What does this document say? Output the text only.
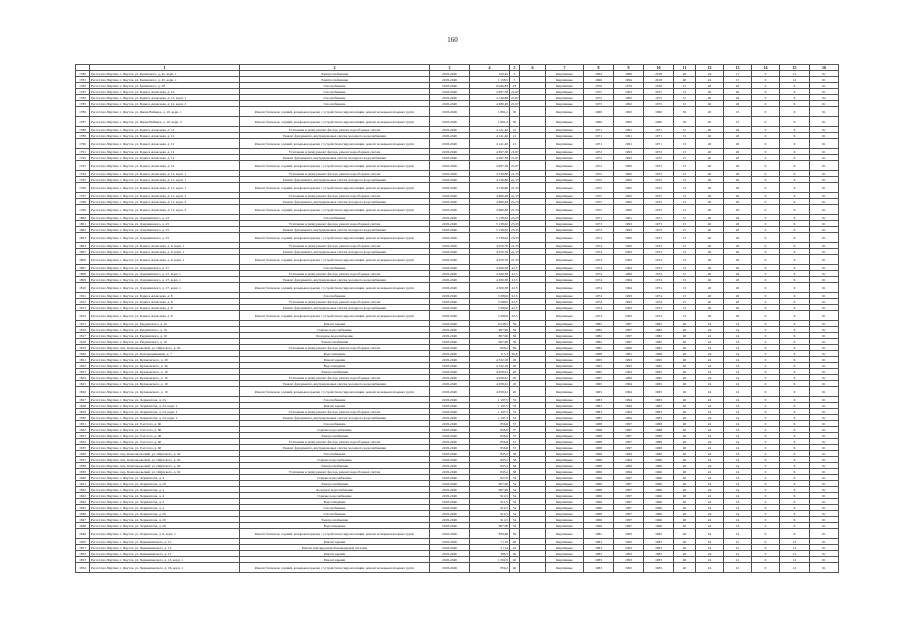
160
	1	2	3	4	5	6	7	8	9	10	11	12	13	14	15	16
1780	Респ.Саха /Якутия/, г. Якутск, ул. Белинского, д. 45, корп. 1	Электроснабжение	2018-2046	320,45	5		Кирпичные	1964	1989	2018	40	24	17	0	12	61
1781	Респ.Саха /Якутия/, г. Якутск, ул. Белинского, д. 45, корп. 1	Электроснабжение	2018-2046	1 158,5	5		Кирпичные	1996	1994	2018	40	24	17	0	12	61
1782	Респ.Саха /Якутия/, г. Якутск, ул. Белинского, д. 58	Газоснабжение	2018-2046	6 046,84	23		Кирпичные	1979	1979	1976	15	40	26	0	6	61
1783	Респ.Саха /Якутия/, г. Якутск, ул. Бориса Алексеева, д. 10	Газоснабжение	2018-2046	4 097,38	21,67		Кирпичные	1975	1963	1975	15	40	26	0	6	61
1784	Респ.Саха /Якутия/, г. Якутск, ул. Бориса Алексеева, д. 12, корп. 1	Газоснабжение	2018-2046	4 746,86	21,67		Кирпичные	1972	1992	1972	15	40	26	0	6	62
1785	Респ.Саха /Якутия/, г. Якутск, ул. Бориса Алексеева, д. 12, корп. 2	Газоснабжение	2018-2046	4 680,48	21,67		Кирпичные	1975	1992	1975	15	40	26	0	6	61
1786	Респ.Саха /Якутия/, г. Якутск, ул. Якова Вайнера, д. 10, корп. 1	Ремонт балконов, лоджий, козырьков крылец с устройством гидроизоляции, ремонт козырьков входных групп	2018-2046	1 891,2	30		Кирпичные	1969	1993	1990	50	20	15	0	6	91
1787	Респ.Саха /Якутия/, г. Якутск, ул. Якова Вайнера, д. 10, корп. 2	Ремонт балконов, лоджий, козырьков крылец с устройством гидроизоляции, ремонт козырьков входных групп	2018-2046	1 891,2	30		Кирпичные	1969	1993	1990	50	20	15	0	6	91
1788	Респ.Саха /Якутия/, г. Якутск, ул. Бориса Алексеева, д. 12	Утепление и (или) ремонт фасада, ремонт водосборных систем	2018-2046	4 141,46	21		Кирпичные	1971	1991	1971	15	40	26	0	6	61
1789	Респ.Саха /Якутия/, г. Якутск, ул. Бориса Алексеева, д. 12	Ремонт фундамента, внутридомовых систем холодного водоснабжения	2018-2046	4 141,46	21		Кирпичные	1971	1991	1971	15	40	26	0	6	61
1790	Респ.Саха /Якутия/, г. Якутск, ул. Бориса Алексеева, д. 12	Ремонт балконов, лоджий, козырьков крылец с устройством гидроизоляции, ремонт козырьков входных групп	2018-2046	4 141,46	21		Кирпичные	1971	1991	1971	15	40	26	0	6	61
1791	Респ.Саха /Якутия/, г. Якутск, ул. Бориса Алексеева, д. 14	Утепление и (или) ремонт фасада, ремонт водосборных систем	2018-2046	4 097,38	21,67		Кирпичные	1972	1993	1972	15	40	26	0	6	61
1792	Респ.Саха /Якутия/, г. Якутск, ул. Бориса Алексеева, д. 14	Ремонт фундамента, внутридомовых систем холодного водоснабжения	2018-2046	4 097,38	21,67		Кирпичные	1972	1993	1972	15	40	26	0	6	61
1793	Респ.Саха /Якутия/, г. Якутск, ул. Бориса Алексеева, д. 14	Ремонт балконов, лоджий, козырьков крылец с устройством гидроизоляции, ремонт козырьков входных групп	2018-2046	4 097,38	21,67		Кирпичные	1972	1993	1972	15	40	26	0	6	61
1794	Респ.Саха /Якутия/, г. Якутск, ул. Бориса Алексеева, д. 12, корп. 1	Утепление и (или) ремонт фасада, ремонт водосборных систем	2018-2046	4 746,86	21,33		Кирпичные	1972	1992	1972	15	40	26	0	6	61
1795	Респ.Саха /Якутия/, г. Якутск, ул. Бориса Алексеева, д. 12, корп. 1	Ремонт фундамента, внутридомовых систем холодного водоснабжения	2018-2046	4 746,86	21,33		Кирпичные	1972	1992	1972	15	40	26	0	6	61
1796	Респ.Саха /Якутия/, г. Якутск, ул. Бориса Алексеева, д. 12, корп. 1	Ремонт балконов, лоджий, козырьков крылец с устройством гидроизоляции, ремонт козырьков входных групп	2018-2046	4 746,86	21,33		Кирпичные	1972	1992	1972	15	40	26	0	6	61
1797	Респ.Саха /Якутия/, г. Якутск, ул. Бориса Алексеева, д. 12, корп. 2	Утепление и (или) ремонт фасада, ремонт водосборных систем	2018-2046	4 680,48	21,33		Кирпичные	1975	1992	1975	15	40	26	0	6	61
1798	Респ.Саха /Якутия/, г. Якутск, ул. Бориса Алексеева, д. 12, корп. 2	Ремонт фундамента, внутридомовых систем холодного водоснабжения	2018-2046	4 680,48	21,33		Кирпичные	1975	1992	1975	15	40	26	0	6	61
1799	Респ.Саха /Якутия/, г. Якутск, ул. Бориса Алексеева, д. 12, корп. 2	Ремонт балконов, лоджий, козырьков крылец с устройством гидроизоляции, ремонт козырьков входных групп	2018-2046	4 680,48	21,33		Кирпичные	1975	1992	1975	15	40	26	0	6	61
1800	Респ.Саха /Якутия/, г. Якутск, ул. Дзержинского, д. 23	Газоснабжение	2018-2046	5 138,02	23,33		Кирпичные	1971	1961	1971	15	40	26	0	6	61
1801	Респ.Саха /Якутия/, г. Якутск, ул. Дзержинского, д. 25	Утепление и (или) ремонт фасада, ремонт водосборных систем	2018-2046	5 138,02	23,33		Кирпичные	1973	1993	1973	15	40	26	0	6	61
1802	Респ.Саха /Якутия/, г. Якутск, ул. Дзержинского, д. 25	Ремонт фундамента, внутридомовых систем холодного водоснабжения	2018-2046	5 138,02	23,33		Кирпичные	1973	1993	1973	15	40	26	0	6	61
1803	Респ.Саха /Якутия/, г. Якутск, ул. Дзержинского, д. 25	Ремонт балконов, лоджий, козырьков крылец с устройством гидроизоляции, ремонт козырьков входных групп	2018-2046	5 138,02	23,33		Кирпичные	1973	1993	1973	15	40	26	0	6	61
1804	Респ.Саха /Якутия/, г. Якутск, ул. Бориса Алексеева, д. 6, корп. 1	Утепление и (или) ремонт фасада, ремонт водосборных систем	2018-2046	4 076,76	21,33		Кирпичные	1974	1993	1974	15	40	26	0	6	61
1805	Респ.Саха /Якутия/, г. Якутск, ул. Бориса Алексеева, д. 6, корп. 1	Ремонт фундамента, внутридомовых систем холодного водоснабжения	2018-2046	4 076,76	21,33		Кирпичные	1974	1993	1974	15	40	26	0	6	61
1806	Респ.Саха /Якутия/, г. Якутск, ул. Бориса Алексеева, д. 6, корп. 1	Ремонт балконов, лоджий, козырьков крылец с устройством гидроизоляции, ремонт козырьков входных групп	2018-2046	4 076,76	21,33		Кирпичные	1974	1993	1974	15	40	26	0	6	61
1807	Респ.Саха /Якутия/, г. Якутск, ул. Дзержинского, д. 27	Газоснабжение	2018-2046	4 309,58	22,5		Кирпичные	1974	1994	1974	15	40	26	0	6	61
1808	Респ.Саха /Якутия/, г. Якутск, ул. Дзержинского, д. 27, корп. 1	Утепление и (или) ремонт фасада, ремонт водосборных систем	2018-2046	4 309,58	22,5		Кирпичные	1974	1994	1974	15	40	26	0	6	61
1809	Респ.Саха /Якутия/, г. Якутск, ул. Дзержинского, д. 27, корп. 1	Ремонт фундамента, внутридомовых систем холодного водоснабжения	2018-2046	4 309,58	22,5		Кирпичные	1974	1994	1974	15	40	26	0	6	61
1810	Респ.Саха /Якутия/, г. Якутск, ул. Дзержинского, д. 27, корп. 1	Ремонт балконов, лоджий, козырьков крылец с устройством гидроизоляции, ремонт козырьков входных групп	2018-2046	4 309,58	22,5		Кирпичные	1974	1994	1974	15	40	26	0	6	61
1811	Респ.Саха /Якутия/, г. Якутск, ул. Бориса Алексеева, д. 8	Газоснабжение	2018-2046	3 289,6	22,5		Кирпичные	1974	1993	1974	15	40	26	0	6	61
1812	Респ.Саха /Якутия/, г. Якутск, ул. Бориса Алексеева, д. 8	Утепление и (или) ремонт фасада, ремонт водосборных систем	2018-2046	3 289,6	22,5		Кирпичные	1974	1993	1974	15	40	26	0	6	61
1813	Респ.Саха /Якутия/, г. Якутск, ул. Бориса Алексеева, д. 8	Ремонт фундамента, внутридомовых систем холодного водоснабжения	2018-2046	3 289,6	22,5		Кирпичные	1974	1993	1974	15	40	26	0	6	61
1814	Респ.Саха /Якутия/, г. Якутск, ул. Бориса Алексеева, д. 8	Ремонт балконов, лоджий, козырьков крылец с устройством гидроизоляции, ремонт козырьков входных групп	2018-2046	3 289,6	22,5		Кирпичные	1974	1993	1974	15	40	26	0	6	61
1815	Респ.Саха /Якутия/, г. Якутск, ул. Рыдзинского, д. 10	Ремонт крыши	2018-2046	6 028,5	56		Кирпичные	1982	1997	1982	40	24	14	0	6	61
1816	Респ.Саха /Якутия/, г. Якутск, ул. Рыдзинского, д. 10	Горячее водоснабжение	2018-2046	967,06	56		Кирпичные	1982	1997	1982	40	24	14	0	6	61
1817	Респ.Саха /Якутия/, г. Якутск, ул. Рыдзинского, д. 10	Холодное водоснабжение	2018-2046	867,06	56		Кирпичные	1982	1997	1982	40	24	14	0	6	61
1818	Респ.Саха /Якутия/, г. Якутск, ул. Рыдзинского, д. 10	Электроснабжение	2018-2046	967,06	56		Кирпичные	1982	1997	1982	40	24	14	0	6	61
1819	Респ.Саха /Якутия/, пер. Комсомольский, ул. Ойунского, д. 62	Утепление и (или) ремонт фасада, ремонт водосборных систем	2018-2046	826,2	69		Кирпичные	1982	2006	1982	40	24	14	0	6	61
1820	Респ.Саха /Якутия/, г. Якутск, ул. Каландаришвили, д. 7	Водоотведение	2018-2046	115,3	56,8		Кирпичные	1968	1981	1968	40	24	14	0	6	61
1821	Респ.Саха /Якутия/, г. Якутск, ул. Кулаковского, д. 29	Ремонт крыши	2018-2046	4 532,18	20		Кирпичные	1965	1993	1965	40	24	14	0	6	61
1822	Респ.Саха /Якутия/, г. Якутск, ул. Кулаковского, д. 30	Водоотведение	2018-2046	4 532,18	20		Кирпичные	1965	1993	1965	40	24	14	0	6	61
1823	Респ.Саха /Якутия/, г. Якутск, ул. Кулаковского, д. 10	Электроснабжение	2018-2046	4 058,61	20		Кирпичные	1965	1994	1965	40	24	14	0	6	61
1824	Респ.Саха /Якутия/, г. Якутск, ул. Кулаковского, д. 10	Утепление и (или) ремонт фасада, ремонт водосборных систем	2018-2046	4 058,61	20		Кирпичные	1965	1994	1965	40	24	14	0	6	61
1825	Респ.Саха /Якутия/, г. Якутск, ул. Кулаковского, д. 10	Ремонт фундамента, внутридомовых систем холодного водоснабжения	2018-2046	4 058,61	20		Кирпичные	1965	1994	1965	40	24	14	0	6	61
1826	Респ.Саха /Якутия/, г. Якутск, ул. Кулаковского, д. 10	Ремонт балконов, лоджий, козырьков крылец с устройством гидроизоляции, ремонт козырьков входных групп	2018-2046	4 058,61	20		Кирпичные	1965	1994	1965	40	24	14	0	6	61
1827	Респ.Саха /Якутия/, г. Якутск, ул. Лермонтова, д. 24	Газоснабжение	2018-2046	1 197,5	53		Кирпичные	1983	1994	1983	40	24	14	0	6	61
1828	Респ.Саха /Якутия/, г. Якутск, ул. Лермонтова, д. 24, корп. 1	Ремонт крыши	2018-2046	1 197,5	53		Кирпичные	1983	1994	1983	40	24	14	0	6	61
1829	Респ.Саха /Якутия/, г. Якутск, ул. Лермонтова, д. 24, корп. 1	Утепление и (или) ремонт фасада, ремонт водосборных систем	2018-2046	1 197,5	53		Кирпичные	1983	1994	1983	40	24	14	0	6	61
1830	Респ.Саха /Якутия/, г. Якутск, ул. Лермонтова, д. 24, корп. 1	Ремонт фундамента, внутридомовых систем холодного водоснабжения	2018-2046	1 197,5	53		Кирпичные	1983	1994	1983	40	24	14	0	6	61
1831	Респ.Саха /Якутия/, г. Якутск, ул. Толстого, д. 60	Газоснабжение	2018-2046	856,6	57		Кирпичные	1968	1997	1968	40	24	14	0	6	61
1832	Респ.Саха /Якутия/, г. Якутск, ул. Толстого, д. 60	Горячее водоснабжение	2018-2046	856,6	57		Кирпичные	1968	1997	1968	40	24	14	0	6	61
1833	Респ.Саха /Якутия/, г. Якутск, ул. Толстого, д. 60	Электроснабжение	2018-2046	856,6	57		Кирпичные	1968	1997	1968	40	24	14	0	6	61
1834	Респ.Саха /Якутия/, г. Якутск, ул. Толстого, д. 60	Утепление и (или) ремонт фасада, ремонт водосборных систем	2018-2046	856,6	57		Кирпичные	1968	1997	1968	40	24	14	0	6	61
1835	Респ.Саха /Якутия/, г. Якутск, ул. Толстого, д. 60	Ремонт фундамента, внутридомовых систем холодного водоснабжения	2018-2046	856,6	57		Кирпичные	1968	1997	1968	40	24	14	0	6	61
1836	Респ.Саха /Якутия/, пер. Комсомольский, ул. Ойунского, д. 62	Газоснабжение	2018-2046	845,2	58		Кирпичные	1966	1994	1966	40	24	14	0	6	61
1837	Респ.Саха /Якутия/, пер. Комсомольский, ул. Ойунского, д. 62	Горячее водоснабжение	2018-2046	845,2	58		Кирпичные	1966	1994	1966	40	24	14	0	6	61
1838	Респ.Саха /Якутия/, пер. Комсомольский, ул. Ойунского, д. 62	Электроснабжение	2018-2046	845,2	58		Кирпичные	1966	1994	1966	40	24	14	0	6	61
1839	Респ.Саха /Якутия/, пер. Комсомольский, ул. Ойунского, д. 62	Утепление и (или) ремонт фасада, ремонт водосборных систем	2018-2046	845,2	58		Кирпичные	1966	1994	1966	40	24	14	0	6	61
1840	Респ.Саха /Якутия/, г. Якутск, ул. Лермонтова, д. 4	Горячее водоснабжение	2018-2046	827,6	54		Кирпичные	1966	1997	1966	40	24	14	0	6	61
1841	Респ.Саха /Якутия/, г. Якутск, ул. Лермонтова, д. 29	Электроснабжение	2018-2046	967,06	54		Кирпичные	1966	1997	1966	40	24	14	0	6	61
1842	Респ.Саха /Якутия/, г. Якутск, ул. Лермонтова, д. 4	Холодное водоснабжение	2018-2046	967,06	54		Кирпичные	1966	1997	1966	40	24	14	0	6	61
1843	Респ.Саха /Якутия/, г. Якутск, ул. Лермонтова, д. 4	Горячее водоснабжение	2018-2046	912,5	54		Кирпичные	1966	1997	1966	40	24	14	0	6	61
1844	Респ.Саха /Якутия/, г. Якутск, ул. Лермонтова, д. 4	Водоотведение	2018-2046	912,5	54		Кирпичные	1966	1997	1966	40	24	14	0	6	61
1845	Респ.Саха /Якутия/, г. Якутск, ул. Лермонтова, д. 4	Газоснабжение	2018-2046	912,5	54		Кирпичные	1966	1997	1966	40	24	14	0	6	61
1846	Респ.Саха /Якутия/, г. Якутск, ул. Лермонтова, д. 29	Газоснабжение	2018-2046	912,5	54		Кирпичные	1966	1997	1966	40	24	14	0	6	61
1847	Респ.Саха /Якутия/, г. Якутск, ул. Лермонтова, д. 29	Электроснабжение	2018-2046	912,5	54		Кирпичные	1966	1997	1966	40	24	14	0	6	61
1848	Респ.Саха /Якутия/, г. Якутск, ул. Лермонтова, д. 29	Водоотведение	2018-2046	967,06	54		Кирпичные	1966	1997	1966	40	24	14	0	6	61
1849	Респ.Саха /Якутия/, г. Якутск, ул. Лермонтова, д. 6, корп. 1	Ремонт балконов, лоджий, козырьков крылец с устройством гидроизоляции, ремонт козырьков входных групп	2018-2046	856,68	56		Кирпичные	1982	1983	1982	40	24	14	0	6	61
1850	Респ.Саха /Якутия/, г. Якутск, ул. Чернышевского, д. 15	Ремонт крыши	2018-2046	7 116	40		Кирпичные	1983	1993	1983	40	24	21	0	12	61
1851	Респ.Саха /Якутия/, г. Якутск, ул. Чернышевского, д. 15	Ремонт внутридомовой инженерной системы	2018-2046	5 114	42		Кирпичные	1983	1993	1983	40	24	21	0	12	61
1852	Респ.Саха /Якутия/, г. Якутск, ул. Чернышевского, д. 15	Ремонт крыши	2018-2046	386,5	40		Кирпичные	1983	1993	1983	40	24	21	0	12	61
1853	Респ.Саха /Якутия/, г. Якутск, ул. Чернышевского, д. 15, корп. 1	Ремонт крыши	2018-2046	1 002,9	40		Кирпичные	1983	1993	1983	40	24	21	0	12	61
1854	Респ.Саха /Якутия/, г. Якутск, ул. Чернышевского, д. 16, корп. 1	Ремонт балконов, лоджий, козырьков крылец с устройством гидроизоляции, ремонт козырьков входных групп	2018-2046	859,2	40		Кирпичные	1983	1993	1983	40	24	21	0	12	61
